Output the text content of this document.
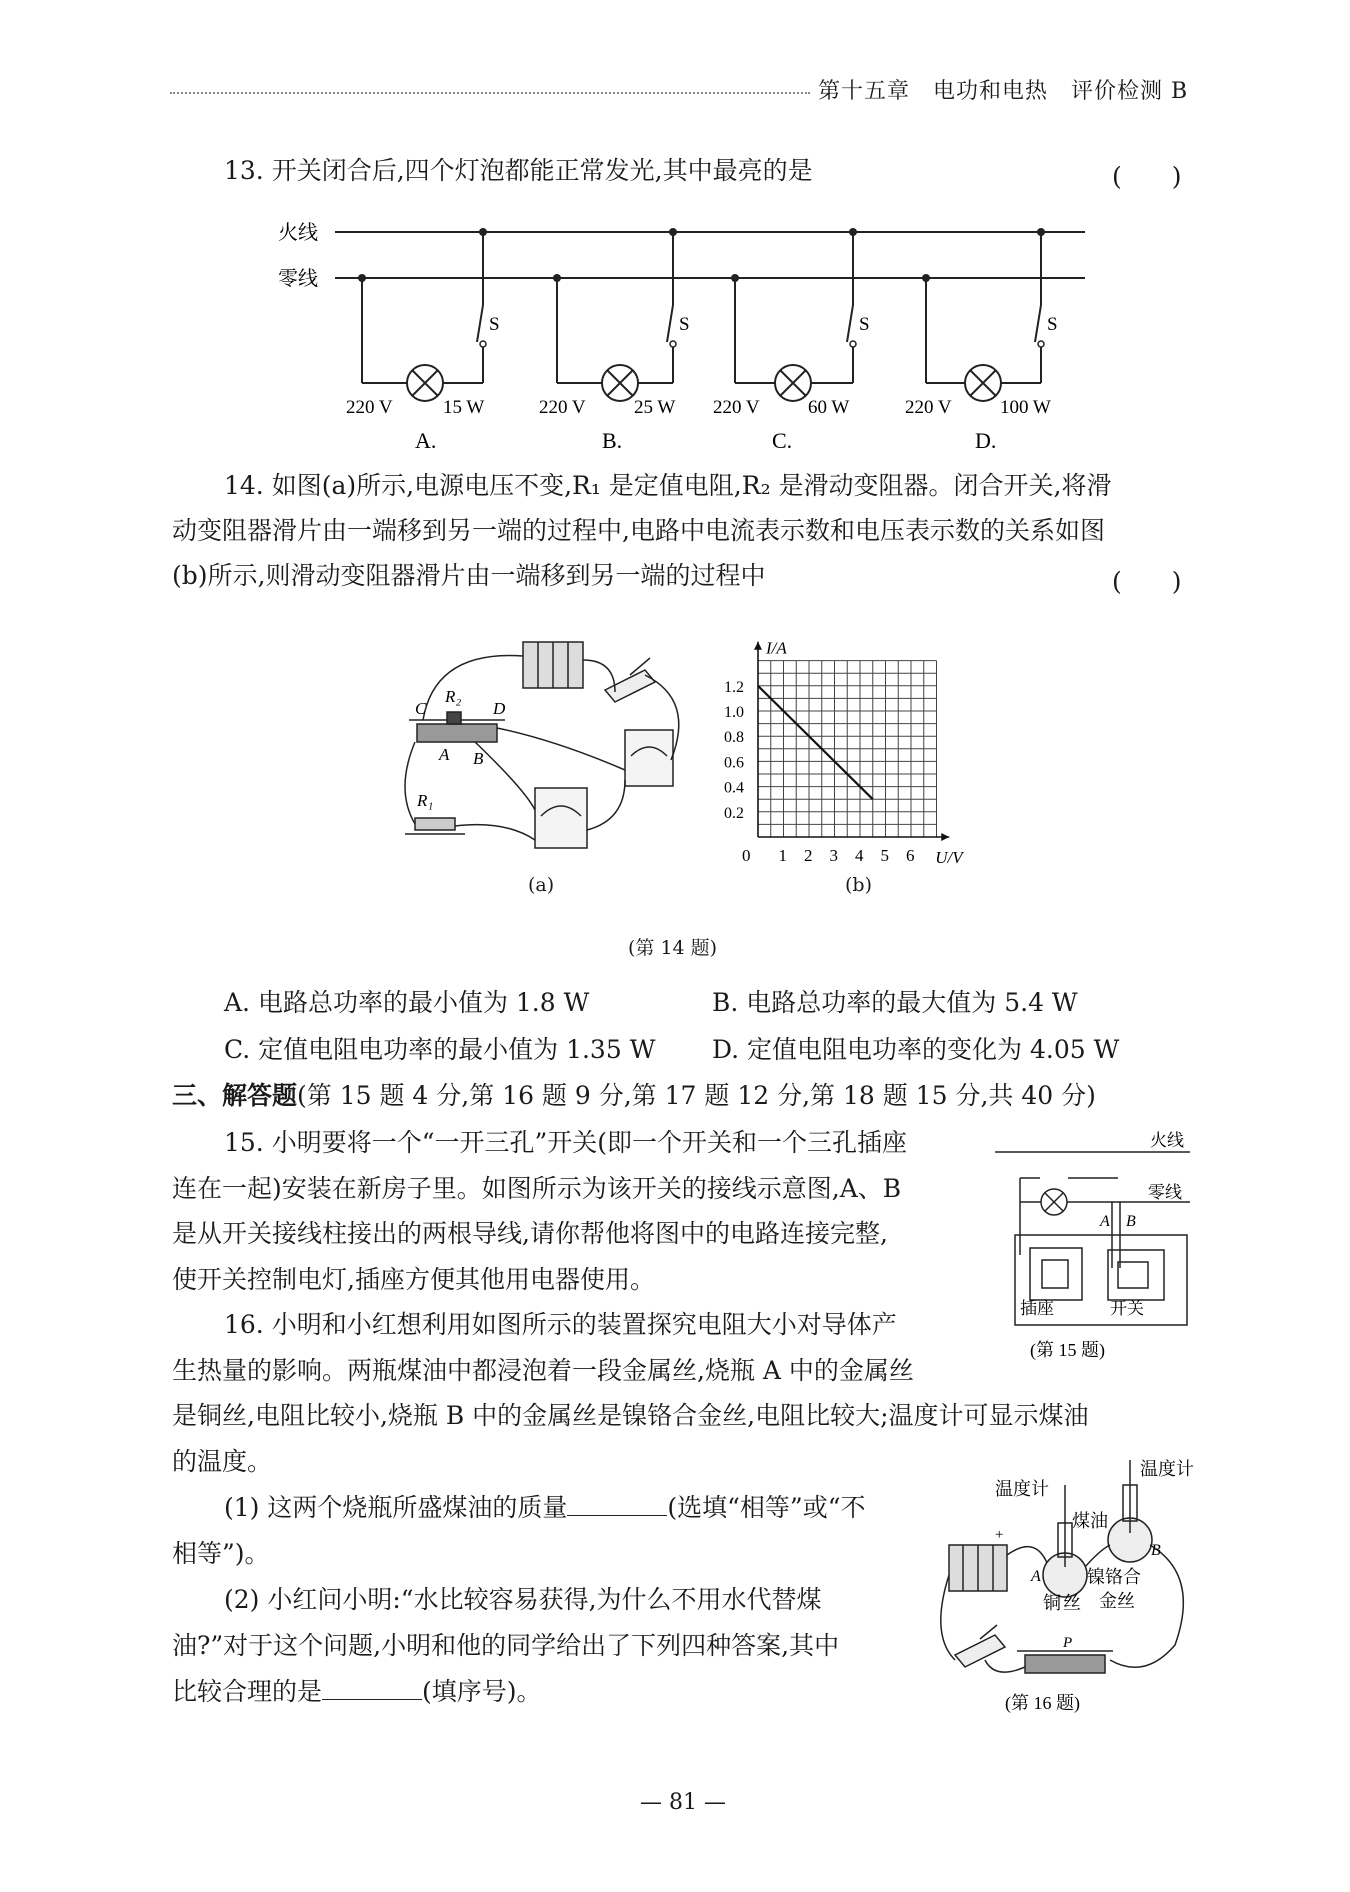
第十五章　电功和电热　评价检测 B
13. 开关闭合后,四个灯泡都能正常发光,其中最亮的是	(　　)
火线
零线
S	S	S	S
220 V	15 W	220 V	25 W 220 V	60 W	220 V	100 W
A.	B.	C.	D.
14. 如图(a)所示,电源电压不变,R₁ 是定值电阻,R₂ 是滑动变阻器。闭合开关,将滑
动变阻器滑片由一端移到另一端的过程中,电路中电流表示数和电压表示数的关系如图
(b)所示,则滑动变阻器滑片由一端移到另一端的过程中	(　　)
C
R₂
D
A B
R₁
(a)
0 1 2 3 4 5 6
0.2
0.4
0.6
0.8
1.0
1.2
U/V
I/A
(b)
(第 14 题)
A. 电路总功率的最小值为 1.8 W	B. 电路总功率的最大值为 5.4 W
C. 定值电阻电功率的最小值为 1.35 W D. 定值电阻电功率的变化为 4.05 W
三、解答题(第 15 题 4 分,第 16 题 9 分,第 17 题 12 分,第 18 题 15 分,共 40 分)
15. 小明要将一个“一开三孔”开关(即一个开关和一个三孔插座
连在一起)安装在新房子里。如图所示为该开关的接线示意图,A、B
是从开关接线柱接出的两根导线,请你帮他将图中的电路连接完整,
使开关控制电灯,插座方便其他用电器使用。
火线
零线
A B
插座	开关
(第 15 题)
16. 小明和小红想利用如图所示的装置探究电阻大小对导体产
生热量的影响。两瓶煤油中都浸泡着一段金属丝,烧瓶 A 中的金属丝
是铜丝,电阻比较小,烧瓶 B 中的金属丝是镍铬合金丝,电阻比较大;温度计可显示煤油
的温度。
(1) 这两个烧瓶所盛煤油的质量	(选填“相等”或“不
相等”)。
(2) 小红问小明:“水比较容易获得,为什么不用水代替煤
油?”对于这个问题,小明和他的同学给出了下列四种答案,其中
比较合理的是	(填序号)。
+
温度计
温度计
煤油
A
B
铜 丝
镍铬合
金丝
P
(第 16 题)
— 81 —
